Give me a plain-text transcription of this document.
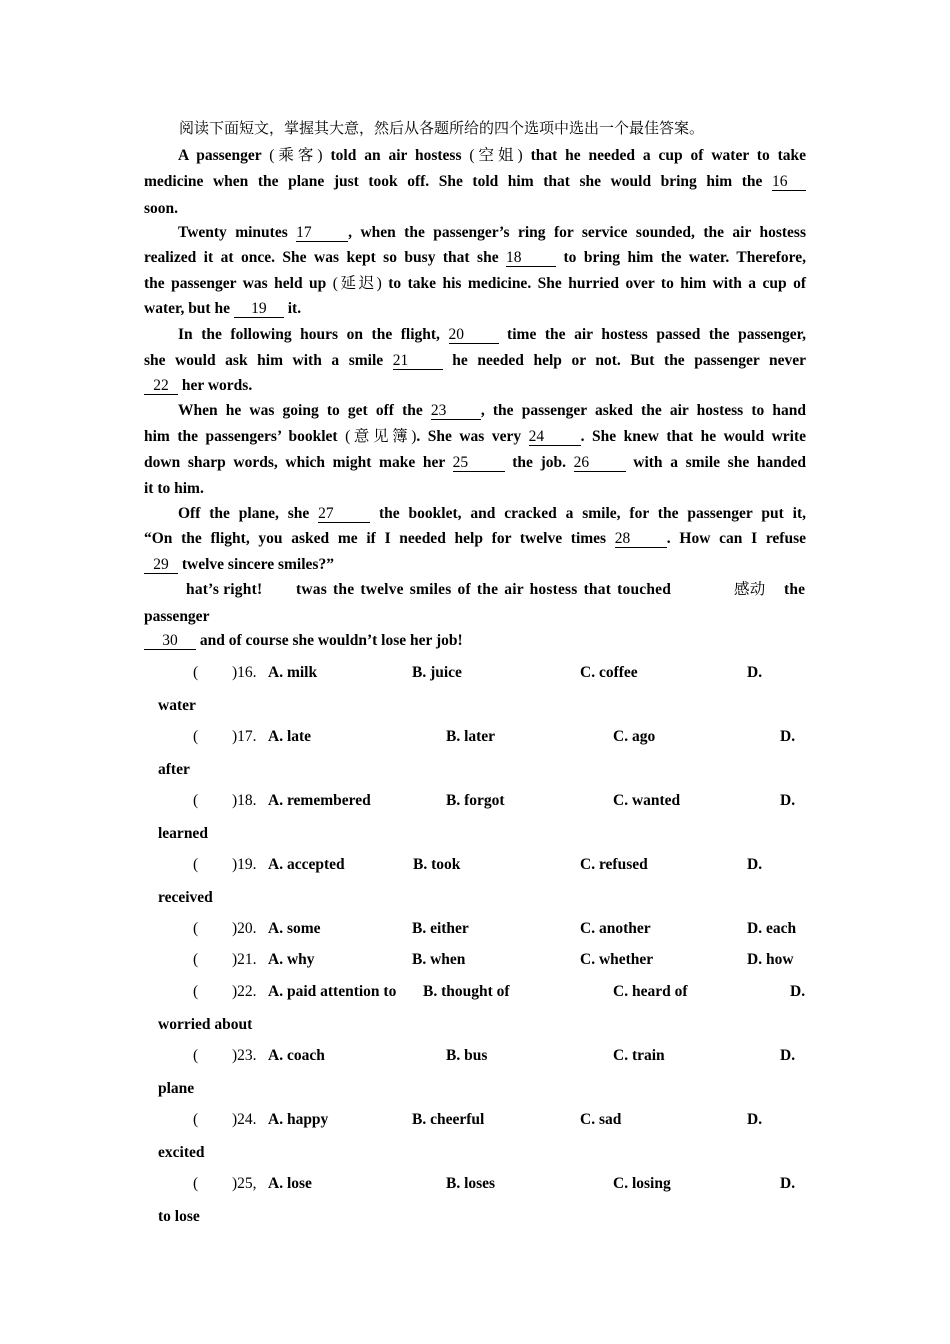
阅读下面短文，掌握其大意，然后从各题所给的四个选项中选出一个最佳答案。
A passenger (乘客) told an air hostess (空姐) that he needed a cup of water to take
medicine when the plane just took off. She told him that she would bring him the 16
soon.
Twenty minutes 17 , when the passenger’s ring for service sounded, the air hostess
realized it at once. She was kept so busy that she 18 to bring him the water. Therefore,
the passenger was held up (延迟) to take his medicine. She hurried over to him with a cup of
water, but he 19 it.
In the following hours on the flight, 20 time the air hostess passed the passenger,
she would ask him with a smile 21 he needed help or not. But the passenger never
22 her words.
When he was going to get off the 23 , the passenger asked the air hostess to hand
him the passengers’ booklet (意见簿). She was very 24 . She knew that he would write
down sharp words, which might make her 25 the job. 26 with a smile she handed
it to him.
Off the plane, she 27 the booklet, and cracked a smile, for the passenger put it,
“On the flight, you asked me if I needed help for twelve times 28 . How can I refuse
29 twelve sincere smiles?”
hat’s right! twas the twelve smiles of the air hostess that touched	感动 the
passenger
30 and of course she wouldn’t lose her job!
( )16. A. milk	B. juice	C. coffee	D.
water
( )17. A. late	B. later	C. ago	D.
after
( )18. A. remembered	B. forgot	C. wanted	D.
learned
( )19. A. accepted	B. took	C. refused	D.
received
( )20. A. some	B. either	C. another	D. each
( )21. A. why	B. when	C. whether	D. how
( )22. A. paid attention to B. thought of	C. heard of	D.
worried about
( )23. A. coach	B. bus	C. train	D.
plane
( )24. A. happy	B. cheerful	C. sad	D.
excited
( )25, A. lose	B. loses	C. losing	D.
to lose
